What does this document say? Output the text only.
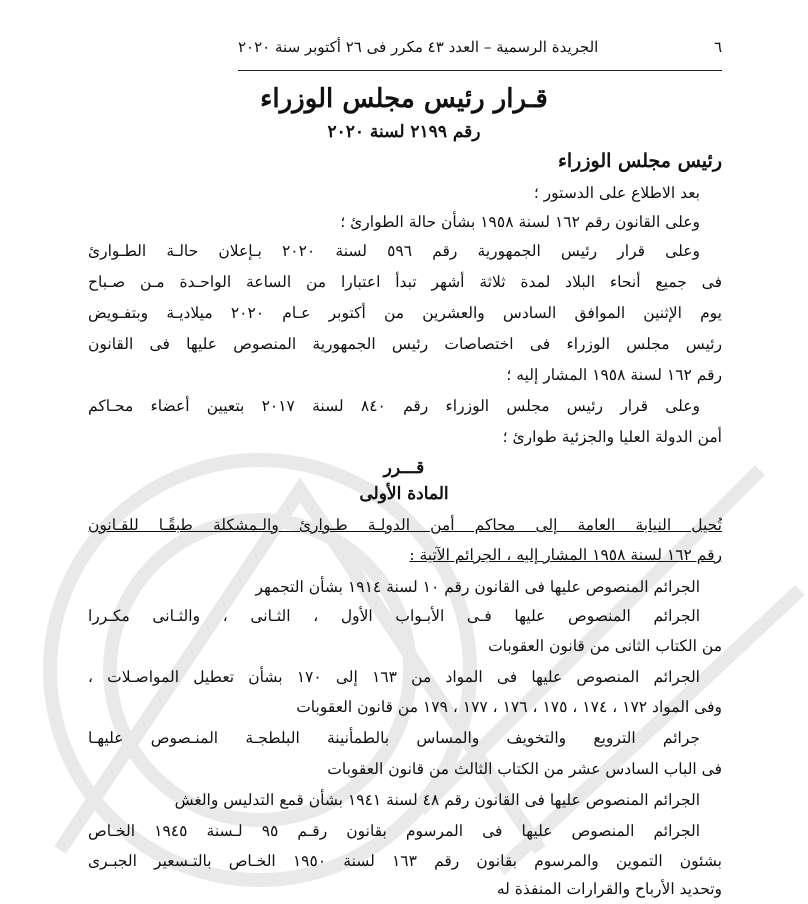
٦
الجريدة الرسمية – العدد ٤٣ مكرر فى ٢٦ أكتوبر سنة ٢٠٢٠
قـرار رئيس مجلس الوزراء
رقم ٢١٩٩ لسنة ٢٠٢٠
رئيس مجلس الوزراء
بعد الاطلاع على الدستور ؛
وعلى القانون رقم ١٦٢ لسنة ١٩٥٨ بشأن حالة الطوارئ ؛
وعلى قرار رئيس الجمهورية رقم ٥٩٦ لسنة ٢٠٢٠ بـإعلان حالـة الطـوارئ
فى جميع أنحاء البلاد لمدة ثلاثة أشهر تبدأ اعتبارا من الساعة الواحـدة مـن صـباح
يوم الإثنين الموافق السادس والعشرين من أكتوبر عـام ٢٠٢٠ ميلاديـة وبتفـويض
رئيس مجلس الوزراء فى اختصاصات رئيس الجمهورية المنصوص عليها فى القانون
رقم ١٦٢ لسنة ١٩٥٨ المشار إليه ؛
وعلى قرار رئيس مجلس الوزراء رقم ٨٤٠ لسنة ٢٠١٧ بتعيين أعضاء محـاكم
أمن الدولة العليا والجزئية طوارئ ؛
قـــرر
المادة الأولى
تُحيل النيابة العامة إلى محاكم أمن الدولـة طـوارئ والـمشكلة طبقًـا للقـانون
رقم ١٦٢ لسنة ١٩٥٨ المشار إليه ، الجرائم الآتية :
الجرائم المنصوص عليها فى القانون رقم ١٠ لسنة ١٩١٤ بشأن التجمهر
الجرائم المنصوص عليها فـى الأبـواب الأول ، الثـانى ، والثـانى مكـررا
من الكتاب الثانى من قانون العقوبات
الجرائم المنصوص عليها فى المواد من ١٦٣ إلى ١٧٠ بشأن تعطيل المواصـلات ،
وفى المواد ١٧٢ ، ١٧٤ ، ١٧٥ ، ١٧٦ ، ١٧٧ ، ١٧٩ من قانون العقوبات
جرائم الترويع والتخويف والمساس بالطمأنينة البلطجـة المنـصوص عليهـا
فى الباب السادس عشر من الكتاب الثالث من قانون العقوبات
الجرائم المنصوص عليها فى القانون رقم ٤٨ لسنة ١٩٤١ بشأن قمع التدليس والغش
الجرائم المنصوص عليها فى المرسوم بقانون رقـم ٩٥ لـسنة ١٩٤٥ الخـاص
بشئون التموين والمرسوم بقانون رقم ١٦٣ لسنة ١٩٥٠ الخـاص بالتـسعير الجبـرى
وتحديد الأرباح والقرارات المنفذة له
